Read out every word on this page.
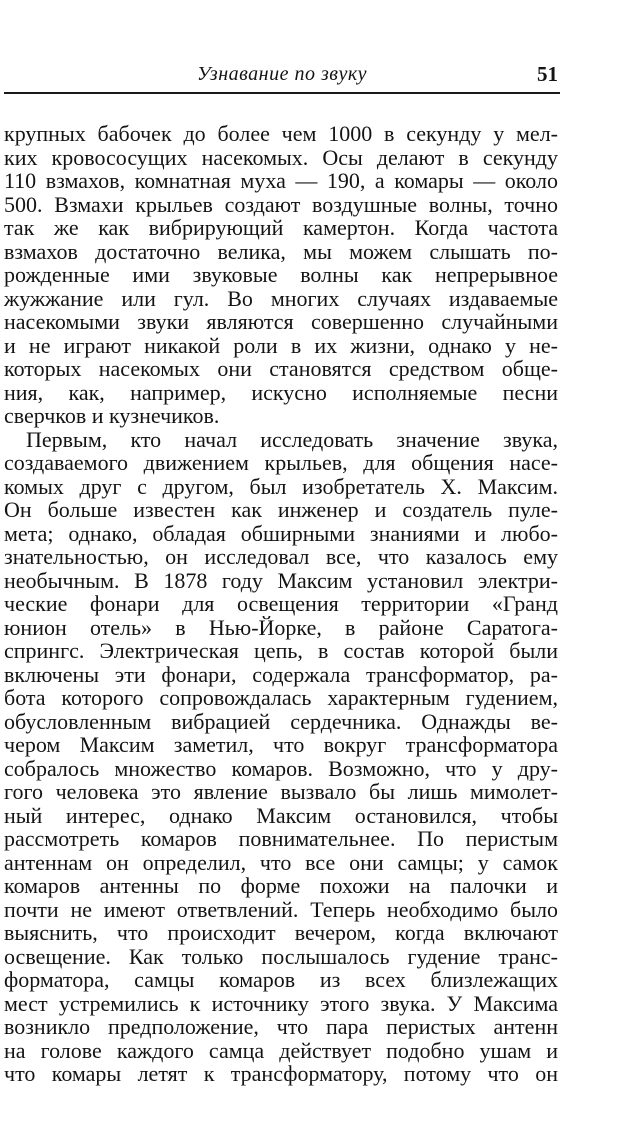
Узнавание по звуку	51
крупных бабочек до более чем 1000 в секунду у мел-
ких кровососущих насекомых. Осы делают в секунду
110 взмахов, комнатная муха — 190, а комары — около
500. Взмахи крыльев создают воздушные волны, точно
так же как вибрирующий камертон. Когда частота
взмахов достаточно велика, мы можем слышать по-
рожденные ими звуковые волны как непрерывное
жужжание или гул. Во многих случаях издаваемые
насекомыми звуки являются совершенно случайными
и не играют никакой роли в их жизни, однако у не-
которых насекомых они становятся средством обще-
ния, как, например, искусно исполняемые песни
сверчков и кузнечиков.
Первым, кто начал исследовать значение звука,
создаваемого движением крыльев, для общения насе-
комых друг с другом, был изобретатель X. Максим.
Он больше известен как инженер и создатель пуле-
мета; однако, обладая обширными знаниями и любо-
знательностью, он исследовал все, что казалось ему
необычным. В 1878 году Максим установил электри-
ческие фонари для освещения территории «Гранд
юнион отель» в Нью-Йорке, в районе Саратога-
спрингс. Электрическая цепь, в состав которой были
включены эти фонари, содержала трансформатор, ра-
бота которого сопровождалась характерным гудением,
обусловленным вибрацией сердечника. Однажды ве-
чером Максим заметил, что вокруг трансформатора
собралось множество комаров. Возможно, что у дру-
гого человека это явление вызвало бы лишь мимолет-
ный интерес, однако Максим остановился, чтобы
рассмотреть комаров повнимательнее. По перистым
антеннам он определил, что все они самцы; у самок
комаров антенны по форме похожи на палочки и
почти не имеют ответвлений. Теперь необходимо было
выяснить, что происходит вечером, когда включают
освещение. Как только послышалось гудение транс-
форматора, самцы комаров из всех близлежащих
мест устремились к источнику этого звука. У Максима
возникло предположение, что пара перистых антенн
на голове каждого самца действует подобно ушам и
что комары летят к трансформатору, потому что он
